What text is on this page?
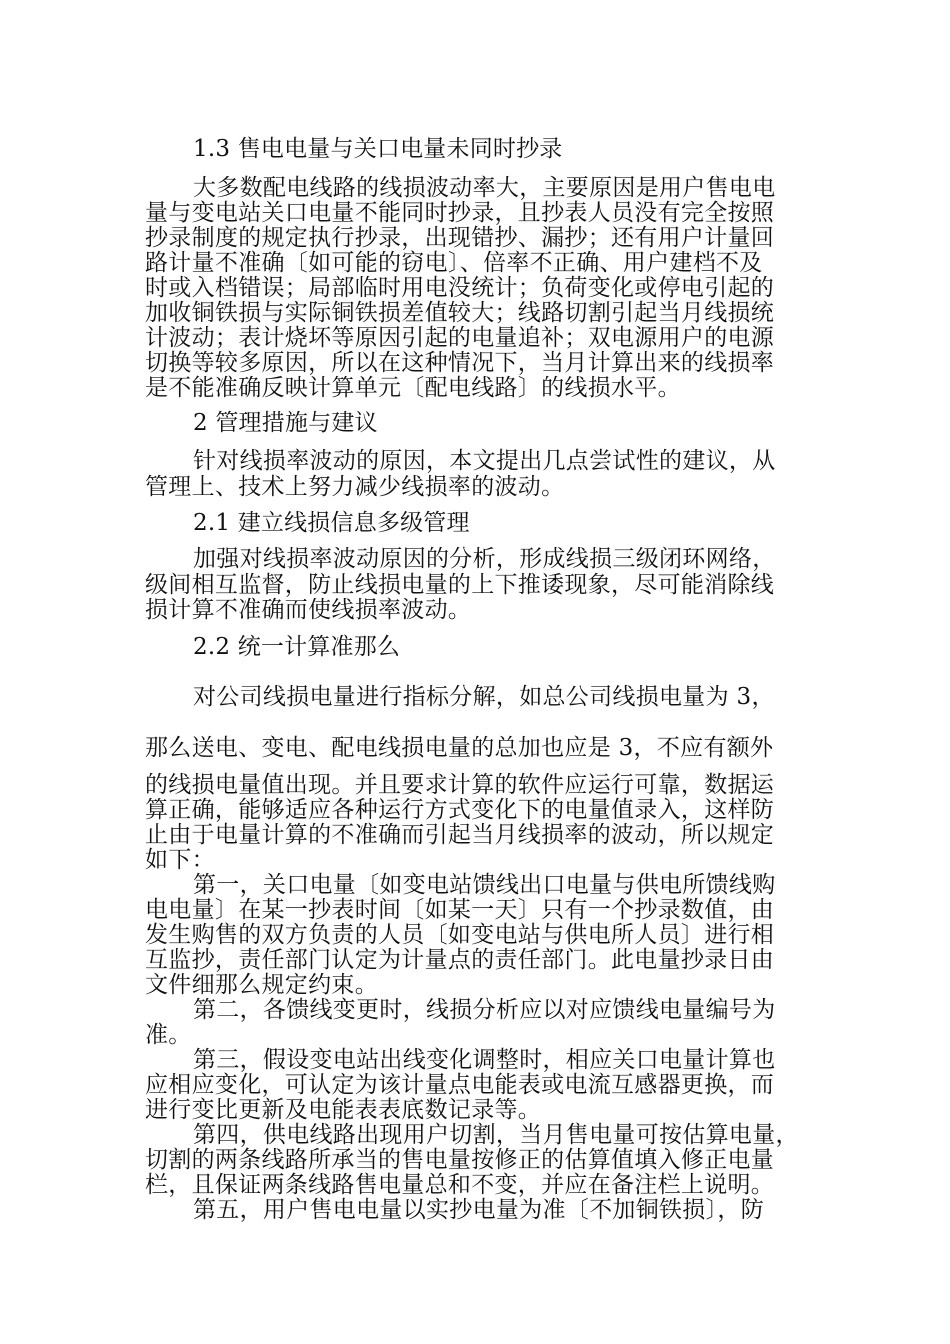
1.3 售电电量与关口电量未同时抄录
大多数配电线路的线损波动率大，主要原因是用户售电电
量与变电站关口电量不能同时抄录，且抄表人员没有完全按照
抄录制度的规定执行抄录，出现错抄、漏抄；还有用户计量回
路计量不准确〔如可能的窃电〕、倍率不正确、用户建档不及
时或入档错误；局部临时用电没统计；负荷变化或停电引起的
加收铜铁损与实际铜铁损差值较大；线路切割引起当月线损统
计波动；表计烧坏等原因引起的电量追补；双电源用户的电源
切换等较多原因，所以在这种情况下，当月计算出来的线损率
是不能准确反映计算单元〔配电线路〕的线损水平。
2 管理措施与建议
针对线损率波动的原因，本文提出几点尝试性的建议，从
管理上、技术上努力减少线损率的波动。
2.1 建立线损信息多级管理
加强对线损率波动原因的分析，形成线损三级闭环网络，
级间相互监督，防止线损电量的上下推诿现象，尽可能消除线
损计算不准确而使线损率波动。
2.2 统一计算准那么
对公司线损电量进行指标分解，如总公司线损电量为 3，
那么送电、变电、配电线损电量的总加也应是 3，不应有额外
的线损电量值出现。并且要求计算的软件应运行可靠，数据运
算正确，能够适应各种运行方式变化下的电量值录入，这样防
止由于电量计算的不准确而引起当月线损率的波动，所以规定
如下：
第一，关口电量〔如变电站馈线出口电量与供电所馈线购
电电量〕在某一抄表时间〔如某一天〕只有一个抄录数值，由
发生购售的双方负责的人员〔如变电站与供电所人员〕进行相
互监抄，责任部门认定为计量点的责任部门。此电量抄录日由
文件细那么规定约束。
第二，各馈线变更时，线损分析应以对应馈线电量编号为
准。
第三，假设变电站出线变化调整时，相应关口电量计算也
应相应变化，可认定为该计量点电能表或电流互感器更换，而
进行变比更新及电能表表底数记录等。
第四，供电线路出现用户切割，当月售电量可按估算电量，
切割的两条线路所承当的售电量按修正的估算值填入修正电量
栏，且保证两条线路售电量总和不变，并应在备注栏上说明。
第五，用户售电电量以实抄电量为准〔不加铜铁损〕，防
